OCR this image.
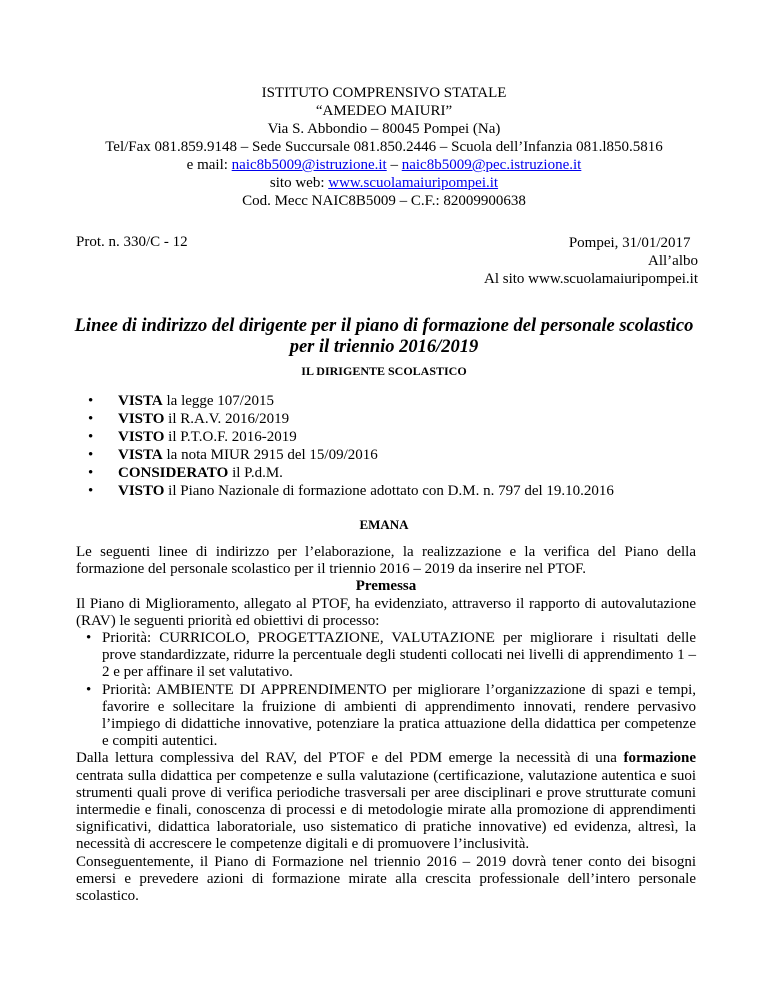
ISTITUTO COMPRENSIVO STATALE
“AMEDEO MAIURI”
Via S. Abbondio – 80045 Pompei (Na)
Tel/Fax 081.859.9148 – Sede Succursale 081.850.2446 – Scuola dell’Infanzia 081.l850.5816
e mail: naic8b5009@istruzione.it – naic8b5009@pec.istruzione.it
sito web: www.scuolamaiuripompei.it
Cod. Mecc NAIC8B5009 – C.F.: 82009900638
Prot. n. 330/C - 12	Pompei, 31/01/2017
All’albo
Al sito www.scuolamaiuripompei.it
Linee di indirizzo del dirigente per il piano di formazione del personale scolastico
per il triennio 2016/2019
IL DIRIGENTE SCOLASTICO
• VISTA la legge 107/2015
• VISTO il R.A.V. 2016/2019
• VISTO il P.T.O.F. 2016-2019
• VISTA la nota MIUR 2915 del 15/09/2016
• CONSIDERATO il P.d.M.
• VISTO il Piano Nazionale di formazione adottato con D.M. n. 797 del 19.10.2016
EMANA

Le seguenti linee di indirizzo per l’elaborazione, la realizzazione e la verifica del Piano della formazione del personale scolastico per il triennio 2016 – 2019 da inserire nel PTOF.

Premessa

Il Piano di Miglioramento, allegato al PTOF, ha evidenziato, attraverso il rapporto di autovalutazione (RAV) le seguenti priorità ed obiettivi di processo:

• Priorità: CURRICOLO, PROGETTAZIONE, VALUTAZIONE per migliorare i risultati delle prove standardizzate, ridurre la percentuale degli studenti collocati nei livelli di apprendimento 1 – 2 e per affinare il set valutativo.
• Priorità: AMBIENTE DI APPRENDIMENTO per migliorare l’organizzazione di spazi e tempi, favorire e sollecitare la fruizione di ambienti di apprendimento innovati, rendere pervasivo l’impiego di didattiche innovative, potenziare la pratica attuazione della didattica per competenze e compiti autentici.

Dalla lettura complessiva del RAV, del PTOF e del PDM emerge la necessità di una formazione centrata sulla didattica per competenze e sulla valutazione (certificazione, valutazione autentica e suoi strumenti quali prove di verifica periodiche trasversali per aree disciplinari e prove strutturate comuni intermedie e finali, conoscenza di processi e di metodologie mirate alla promozione di apprendimenti significativi, didattica laboratoriale, uso sistematico di pratiche innovative) ed evidenza, altresì, la necessità di accrescere le competenze digitali e di promuovere l’inclusività.

Conseguentemente, il Piano di Formazione nel triennio 2016 – 2019 dovrà tener conto dei bisogni emersi e prevedere azioni di formazione mirate alla crescita professionale dell’intero personale scolastico.
